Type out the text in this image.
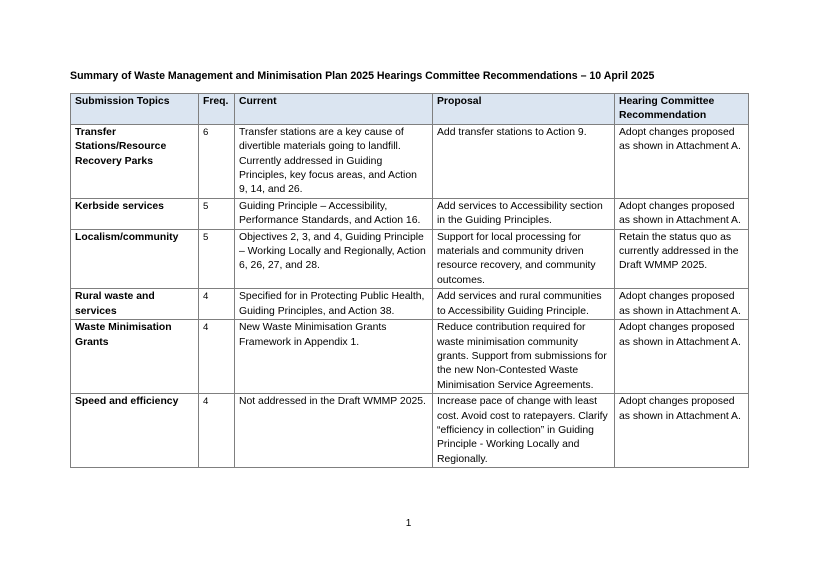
Summary of Waste Management and Minimisation Plan 2025 Hearings Committee Recommendations – 10 April 2025
Submission Topics	Freq.	Current	Proposal	Hearing Committee Recommendation
Transfer Stations/Resource Recovery Parks	6	Transfer stations are a key cause of divertible materials going to landfill. Currently addressed in Guiding Principles, key focus areas, and Action 9, 14, and 26.	Add transfer stations to Action 9.	Adopt changes proposed as shown in Attachment A.
Kerbside services	5	Guiding Principle – Accessibility, Performance Standards, and Action 16.	Add services to Accessibility section in the Guiding Principles.	Adopt changes proposed as shown in Attachment A.
Localism/community	5	Objectives 2, 3, and 4, Guiding Principle – Working Locally and Regionally, Action 6, 26, 27, and 28.	Support for local processing for materials and community driven resource recovery, and community outcomes.	Retain the status quo as currently addressed in the Draft WMMP 2025.
Rural waste and services	4	Specified for in Protecting Public Health, Guiding Principles, and Action 38.	Add services and rural communities to Accessibility Guiding Principle.	Adopt changes proposed as shown in Attachment A.
Waste Minimisation Grants	4	New Waste Minimisation Grants Framework in Appendix 1.	Reduce contribution required for waste minimisation community grants. Support from submissions for the new Non-Contested Waste Minimisation Service Agreements.	Adopt changes proposed as shown in Attachment A.
Speed and efficiency	4	Not addressed in the Draft WMMP 2025.	Increase pace of change with least cost. Avoid cost to ratepayers. Clarify “efficiency in collection” in Guiding Principle - Working Locally and Regionally.	Adopt changes proposed as shown in Attachment A.
1
